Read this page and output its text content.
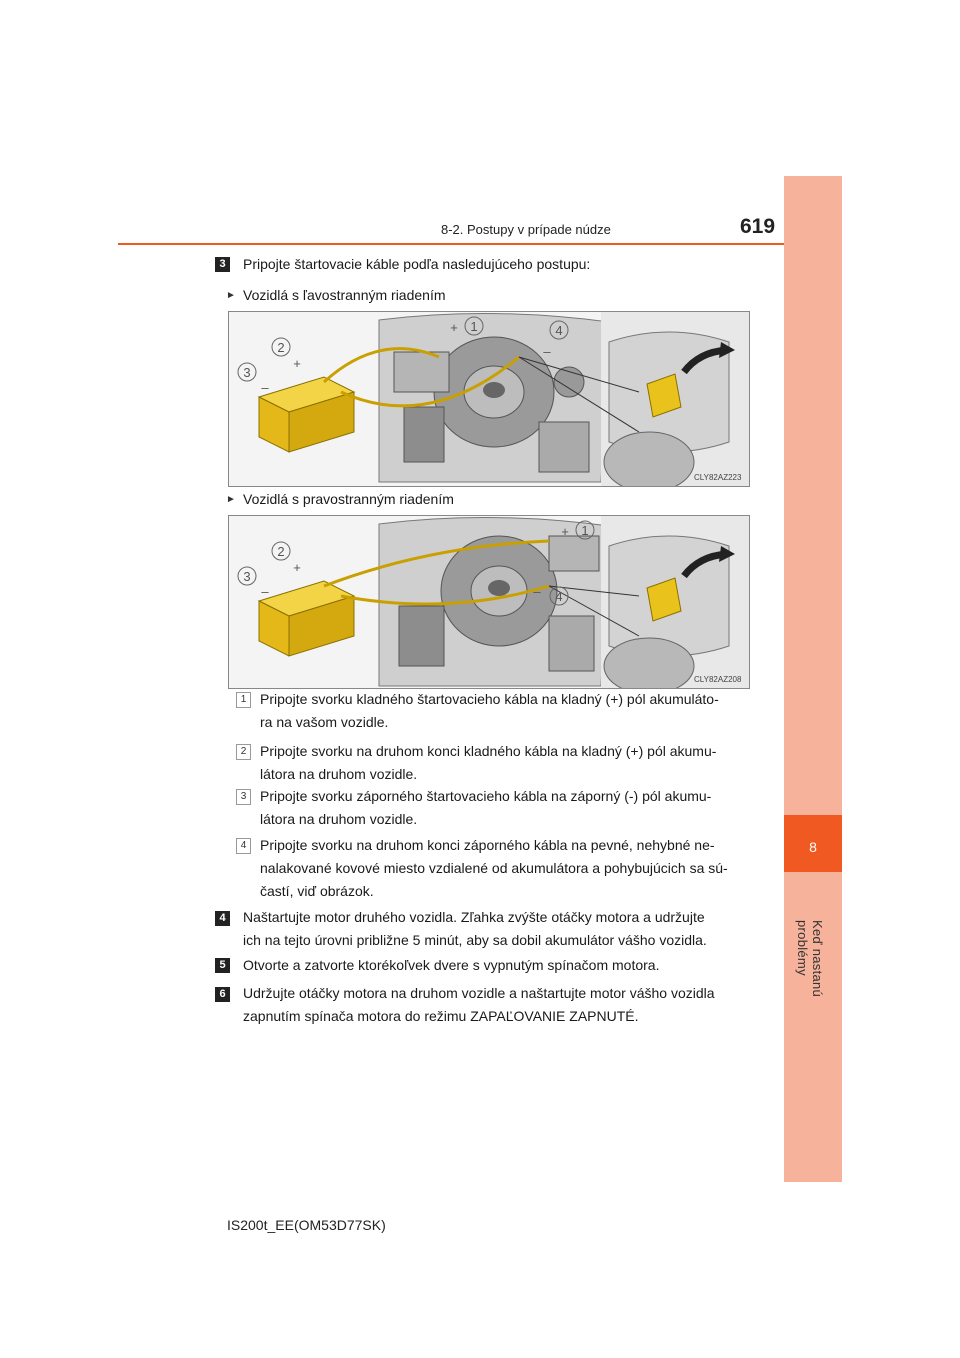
8
Keď nastanú problémy
8-2. Postupy v prípade núdze	619
3	Pripojte štartovacie káble podľa nasledujúceho postupu:
► Vozidlá s ľavostranným riadením
1	4
2
3
+
+
–
–
CLY82AZ223
► Vozidlá s pravostranným riadením
1
4
2
3
+
+
–
–
CLY82AZ208
1 Pripojte svorku kladného štartovacieho kábla na kladný (+) pól akumuláto-
ra na vašom vozidle.
2 Pripojte svorku na druhom konci kladného kábla na kladný (+) pól akumu-
látora na druhom vozidle.
3 Pripojte svorku záporného štartovacieho kábla na záporný (-) pól akumu-
látora na druhom vozidle.
4 Pripojte svorku na druhom konci záporného kábla na pevné, nehybné ne-
nalakované kovové miesto vzdialené od akumulátora a pohybujúcich sa sú-
častí, viď obrázok.
4	Naštartujte motor druhého vozidla. Zľahka zvýšte otáčky motora a udržujte
ich na tejto úrovni približne 5 minút, aby sa dobil akumulátor vášho vozidla.
5	Otvorte a zatvorte ktorékoľvek dvere s vypnutým spínačom motora.
6	Udržujte otáčky motora na druhom vozidle a naštartujte motor vášho vozidla
zapnutím spínača motora do režimu ZAPAĽOVANIE ZAPNUTÉ.
IS200t_EE(OM53D77SK)
